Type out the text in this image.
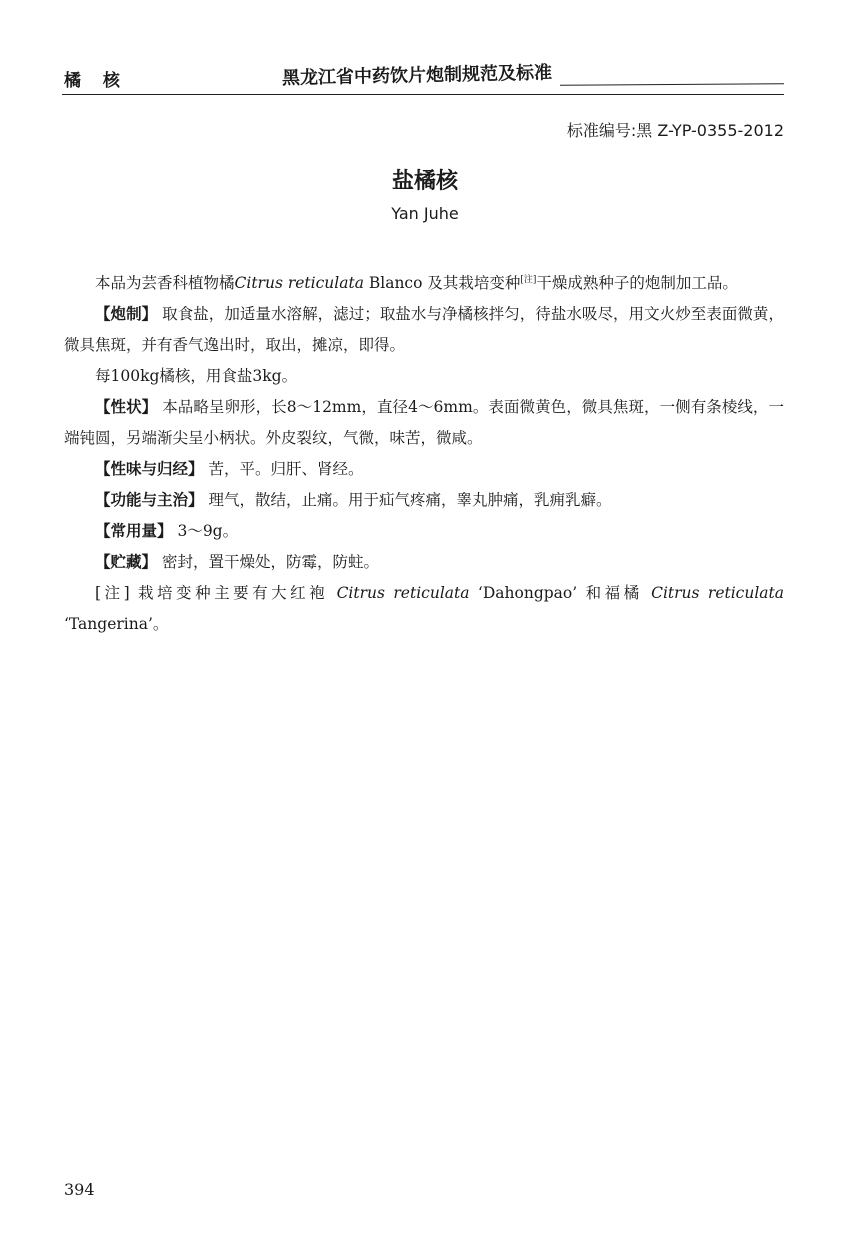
橘 核	黑龙江省中药饮片炮制规范及标准
标准编号:黑 Z-YP-0355-2012
盐橘核
Yan Juhe

本品为芸香科植物橘Citrus reticulata Blanco 及其栽培变种[注]干燥成熟种子的炮制加工品。

【炮制】 取食盐，加适量水溶解，滤过；取盐水与净橘核拌匀，待盐水吸尽，用文火炒至表面微黄，微具焦斑，并有香气逸出时，取出，摊凉，即得。

每100kg橘核，用食盐3kg。

【性状】 本品略呈卵形，长8～12mm，直径4～6mm。表面微黄色，微具焦斑，一侧有条棱线，一端钝圆，另端渐尖呈小柄状。外皮裂纹，气微，味苦，微咸。

【性味与归经】 苦，平。归肝、肾经。

【功能与主治】 理气，散结，止痛。用于疝气疼痛，睾丸肿痛，乳痈乳癖。

【常用量】 3～9g。

【贮藏】 密封，置干燥处，防霉，防蛀。

[注] 栽培变种主要有大红袍 Citrus reticulata ‘Dahongpao’ 和福橘 Citrus reticulata ‘Tangerina’。

394
